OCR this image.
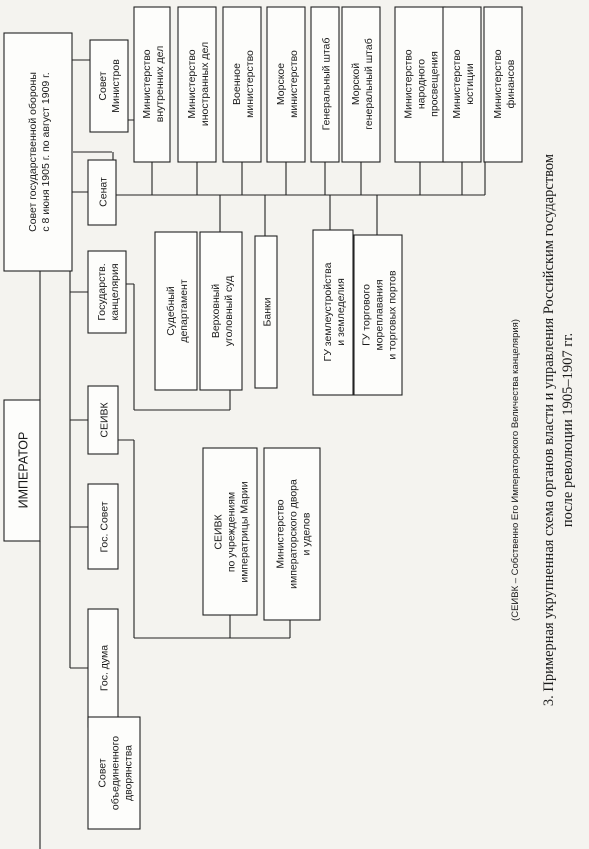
ИМПЕРАТОР
Совет государственной обороныс 8 июня 1905 г. по август 1909 г.	СоветМинистров
Сенат
Государств.канцелярия
СЕИВК
Гос. Совет
Гос. дума
Советобъединенногодворянства
Министерствовнутренних дел Министерствоиностранных дел Военноеминистерство Морскоеминистерство Генеральный штаб Морскойгенеральный штаб	Министерствонародногопросвещения Министерствоюстиции Министерствофинансов
Судебныйдепартамент Верховныйуголовный суд	Банки	ГУ землеустройстваи земледелия ГУ торговогомореплаванияи торговых портов
СЕИВКпо учреждениямимператрицы Марии Министерствоимператорского двораи уделов	(СЕИВК – Собственно Его Императорского Величества канцелярия) 3. Примерная укрупненная схема органов власти и управления Российским государством после революции 1905–1907 гг.
